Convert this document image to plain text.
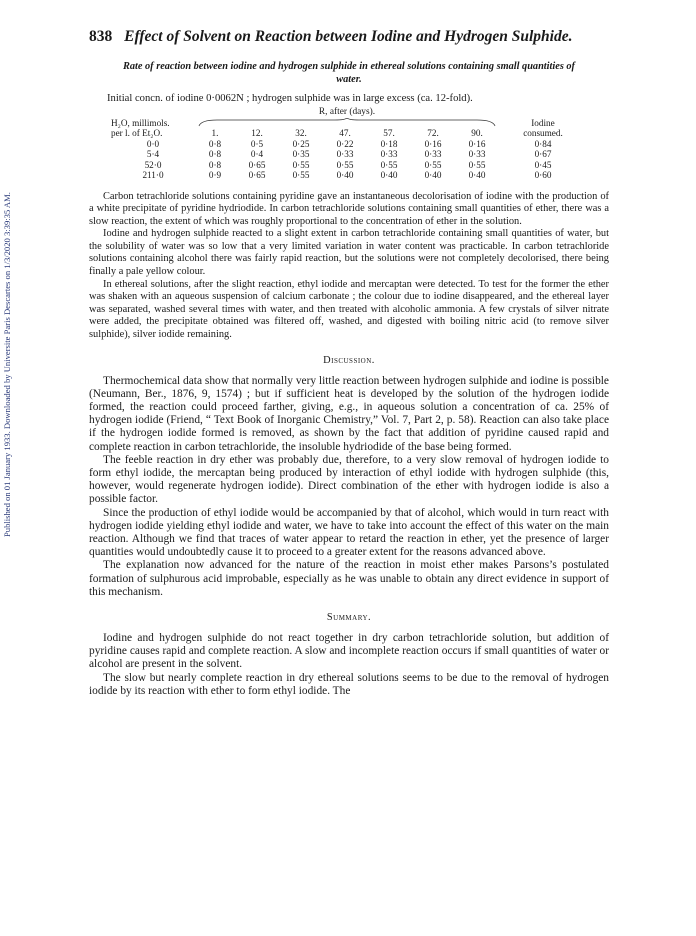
Published on 01 January 1933. Downloaded by Universite Paris Descartes on 1/3/2020 3:39:35 AM.
838 Effect of Solvent on Reaction between Iodine and Hydrogen Sulphide.
Rate of reaction between iodine and hydrogen sulphide in ethereal solutions containing small quantities of water.
Initial concn. of iodine 0·0062N ; hydrogen sulphide was in large excess (ca. 12-fold).
	R, after (days).							
H₂O, millimols.								Iodine
per l. of Et₂O.	1.	12.	32.	47.	57.	72.	90.	consumed.
0·0	0·8	0·5	0·25	0·22	0·18	0·16	0·16	0·84
5·4	0·8	0·4	0·35	0·33	0·33	0·33	0·33	0·67
52·0	0·8	0·65	0·55	0·55	0·55	0·55	0·55	0·45
211·0	0·9	0·65	0·55	0·40	0·40	0·40	0·40	0·60

Carbon tetrachloride solutions containing pyridine gave an instantaneous decolorisation of iodine with the production of a white precipitate of pyridine hydriodide. In carbon tetrachloride solutions containing small quantities of ether, there was a slow reaction, the extent of which was roughly proportional to the concentration of ether in the solution.

Iodine and hydrogen sulphide reacted to a slight extent in carbon tetrachloride containing small quantities of water, but the solubility of water was so low that a very limited variation in water content was practicable. In carbon tetrachloride solutions containing alcohol there was fairly rapid reaction, but the solutions were not completely decolorised, there being finally a pale yellow colour.

In ethereal solutions, after the slight reaction, ethyl iodide and mercaptan were detected. To test for the former the ether was shaken with an aqueous suspension of calcium carbonate ; the colour due to iodine disappeared, and the ethereal layer was separated, washed several times with water, and then treated with alcoholic ammonia. A few crystals of silver nitrate were added, the precipitate obtained was filtered off, washed, and digested with boiling nitric acid (to remove silver sulphide), silver iodide remaining.

Discussion.

Thermochemical data show that normally very little reaction between hydrogen sulphide and iodine is possible (Neumann, Ber., 1876, 9, 1574) ; but if sufficient heat is developed by the solution of the hydrogen iodide formed, the reaction could proceed farther, giving, e.g., in aqueous solution a concentration of ca. 25% of hydrogen iodide (Friend, “ Text Book of Inorganic Chemistry,” Vol. 7, Part 2, p. 58). Reaction can also take place if the hydrogen iodide formed is removed, as shown by the fact that addition of pyridine caused rapid and complete reaction in carbon tetrachloride, the insoluble hydriodide of the base being formed.

The feeble reaction in dry ether was probably due, therefore, to a very slow removal of hydrogen iodide to form ethyl iodide, the mercaptan being produced by interaction of ethyl iodide with hydrogen sulphide (this, however, would regenerate hydrogen iodide). Direct combination of the ether with hydrogen iodide is also a possible factor.

Since the production of ethyl iodide would be accompanied by that of alcohol, which would in turn react with hydrogen iodide yielding ethyl iodide and water, we have to take into account the effect of this water on the main reaction. Although we find that traces of water appear to retard the reaction in ether, yet the presence of larger quantities would undoubtedly cause it to proceed to a greater extent for the reasons advanced above.

The explanation now advanced for the nature of the reaction in moist ether makes Parsons’s postulated formation of sulphurous acid improbable, especially as he was unable to obtain any direct evidence in support of this mechanism.

Summary.

Iodine and hydrogen sulphide do not react together in dry carbon tetrachloride solution, but addition of pyridine causes rapid and complete reaction. A slow and incomplete reaction occurs if small quantities of water or alcohol are present in the solvent.

The slow but nearly complete reaction in dry ethereal solutions seems to be due to the removal of hydrogen iodide by its reaction with ether to form ethyl iodide. The
